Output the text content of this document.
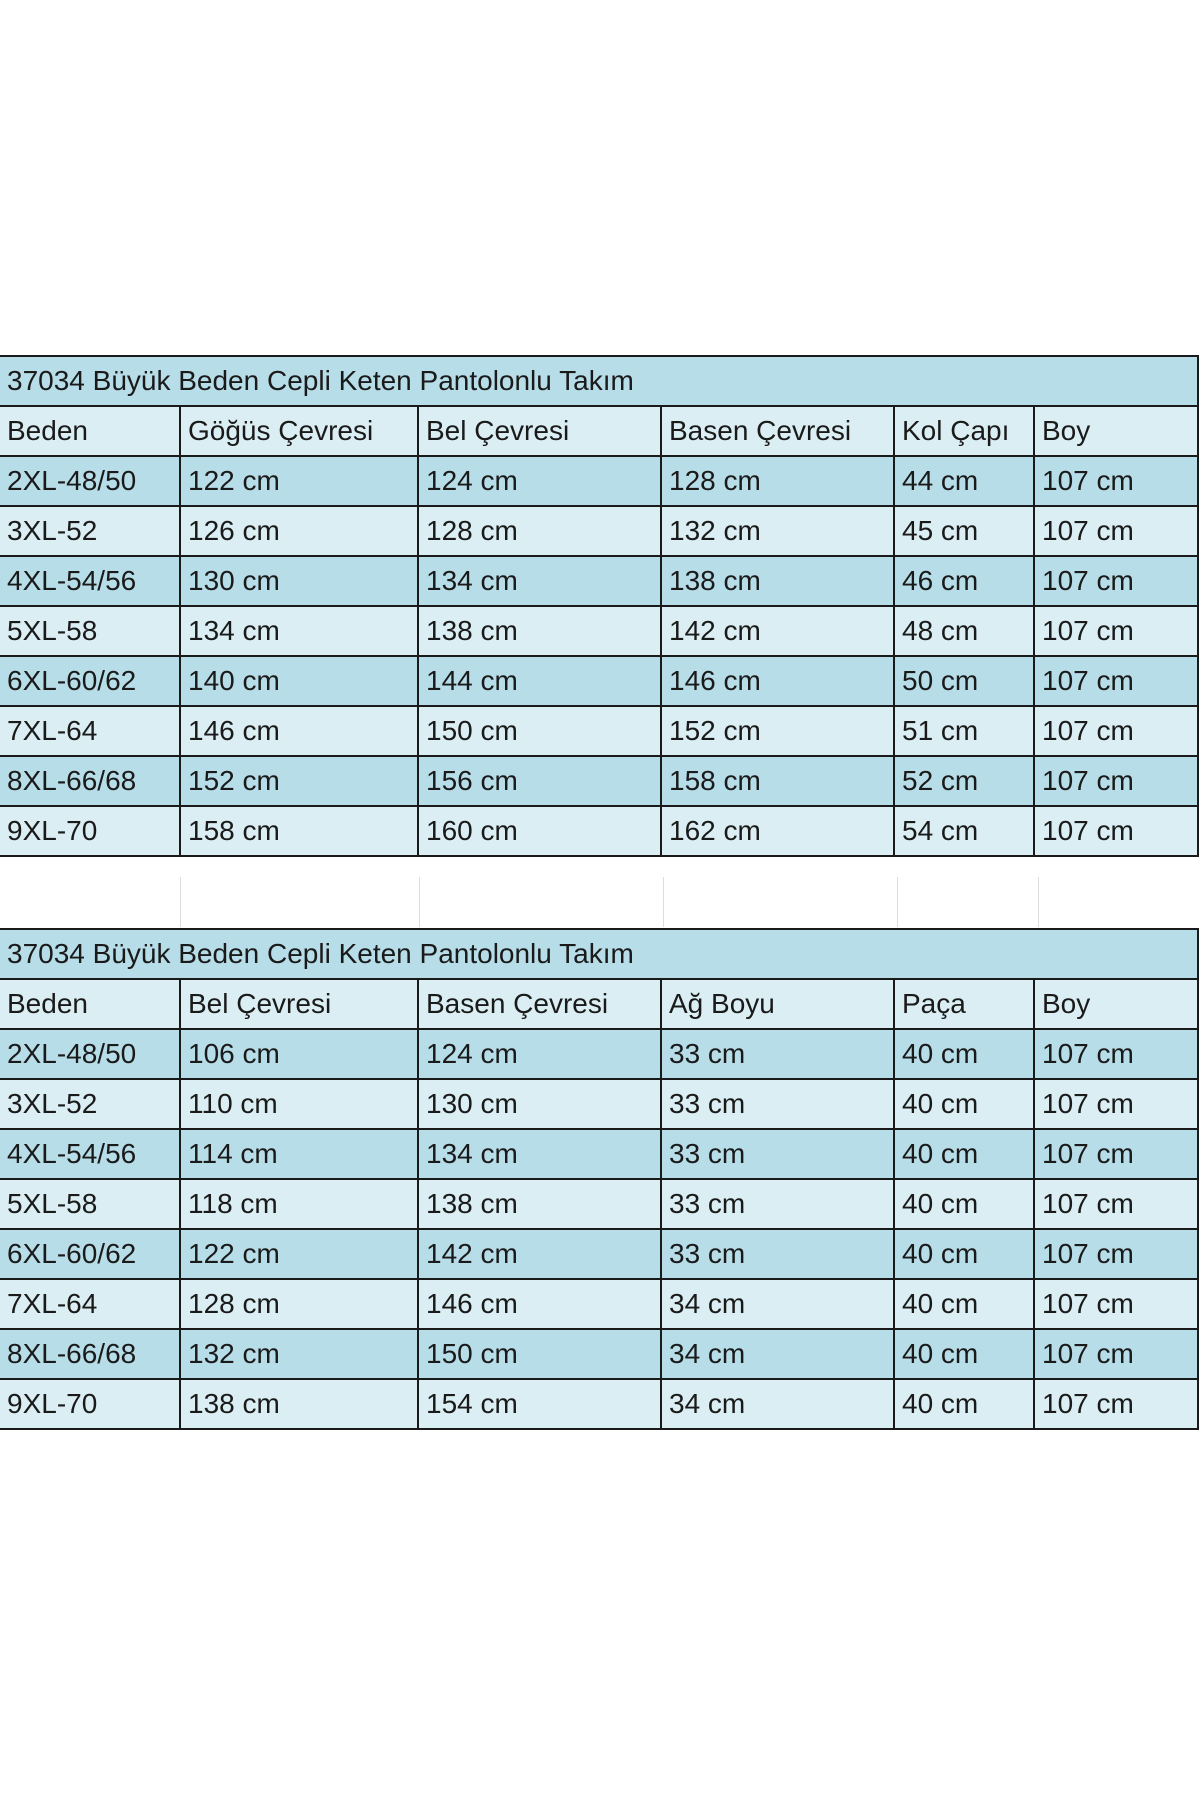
37034 Büyük Beden Cepli Keten Pantolonlu Takım					
Beden	Göğüs Çevresi	Bel Çevresi	Basen Çevresi	Kol Çapı	Boy
2XL-48/50	122 cm	124 cm	128 cm	44 cm	107 cm
3XL-52	126 cm	128 cm	132 cm	45 cm	107 cm
4XL-54/56	130 cm	134 cm	138 cm	46 cm	107 cm
5XL-58	134 cm	138 cm	142 cm	48 cm	107 cm
6XL-60/62	140 cm	144 cm	146 cm	50 cm	107 cm
7XL-64	146 cm	150 cm	152 cm	51 cm	107 cm
8XL-66/68	152 cm	156 cm	158 cm	52 cm	107 cm
9XL-70	158 cm	160 cm	162 cm	54 cm	107 cm
37034 Büyük Beden Cepli Keten Pantolonlu Takım					
Beden	Bel Çevresi	Basen Çevresi	Ağ Boyu	Paça	Boy
2XL-48/50	106 cm	124 cm	33 cm	40 cm	107 cm
3XL-52	110 cm	130 cm	33 cm	40 cm	107 cm
4XL-54/56	114 cm	134 cm	33 cm	40 cm	107 cm
5XL-58	118 cm	138 cm	33 cm	40 cm	107 cm
6XL-60/62	122 cm	142 cm	33 cm	40 cm	107 cm
7XL-64	128 cm	146 cm	34 cm	40 cm	107 cm
8XL-66/68	132 cm	150 cm	34 cm	40 cm	107 cm
9XL-70	138 cm	154 cm	34 cm	40 cm	107 cm
